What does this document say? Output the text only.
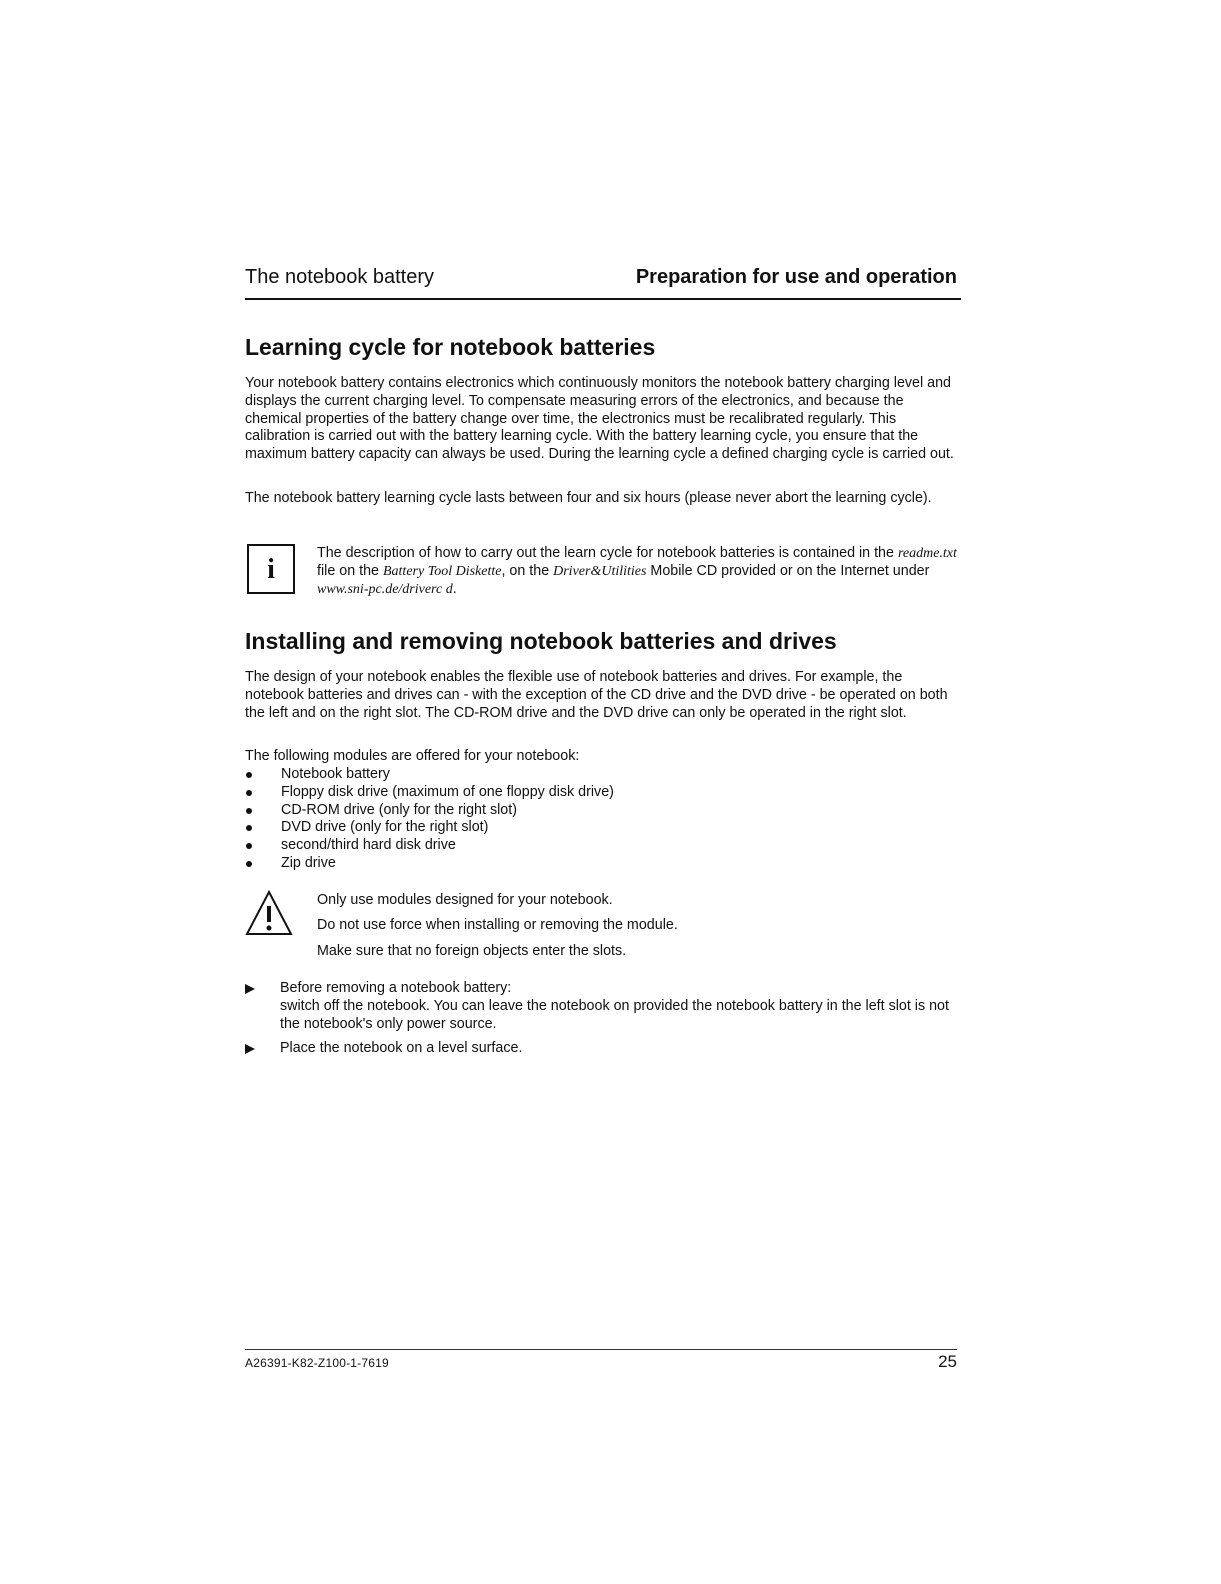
The notebook battery	Preparation for use and operation
Learning cycle for notebook batteries

Your notebook battery contains electronics which continuously monitors the notebook battery charging level and displays the current charging level. To compensate measuring errors of the electronics, and because the chemical properties of the battery change over time, the electronics must be recalibrated regularly. This calibration is carried out with the battery learning cycle. With the battery learning cycle, you ensure that the maximum battery capacity can always be used. During the learning cycle a defined charging cycle is carried out.

The notebook battery learning cycle lasts between four and six hours (please never abort the learning cycle).

i
The description of how to carry out the learn cycle for notebook batteries is contained in the readme.txt file on the Battery Tool Diskette, on the Driver&Utilities Mobile CD provided or on the Internet under www.sni-pc.de/driverc d.
Installing and removing notebook batteries and drives

The design of your notebook enables the flexible use of notebook batteries and drives. For example, the notebook batteries and drives can - with the exception of the CD drive and the DVD drive - be operated on both the left and on the right slot. The CD-ROM drive and the DVD drive can only be operated in the right slot.

The following modules are offered for your notebook:

Notebook battery
Floppy disk drive (maximum of one floppy disk drive)
CD-ROM drive (only for the right slot)
DVD drive (only for the right slot)
second/third hard disk drive
Zip drive
Only use modules designed for your notebook.
Do not use force when installing or removing the module.
Make sure that no foreign objects enter the slots.
Before removing a notebook battery:
switch off the notebook. You can leave the notebook on provided the notebook battery in the left slot is not the notebook's only power source.
Place the notebook on a level surface.
A26391-K82-Z100-1-7619	25
